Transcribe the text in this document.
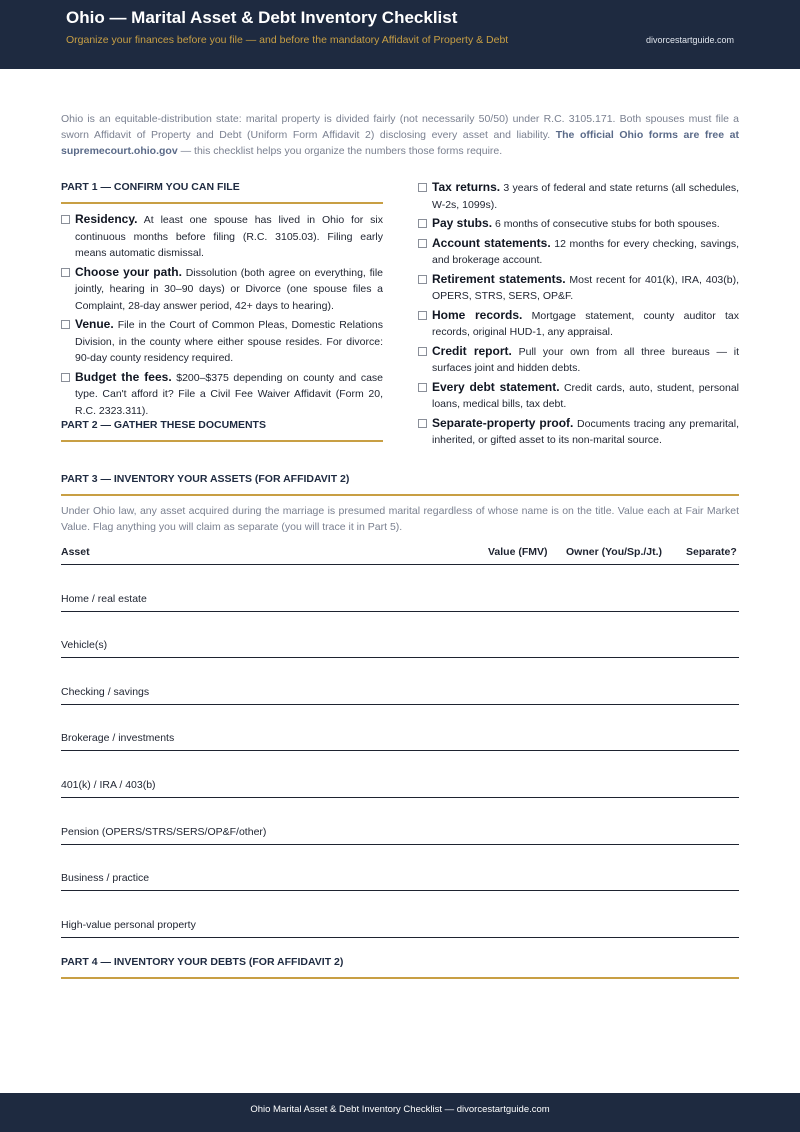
Ohio — Marital Asset & Debt Inventory Checklist
Organize your finances before you file — and before the mandatory Affidavit of Property & Debt	divorcestartguide.com
Ohio is an equitable-distribution state: marital property is divided fairly (not necessarily 50/50) under R.C. 3105.171. Both spouses must file a sworn Affidavit of Property and Debt (Uniform Form Affidavit 2) disclosing every asset and liability. The official Ohio forms are free at supremecourt.ohio.gov — this checklist helps you organize the numbers those forms require.
PART 1 — CONFIRM YOU CAN FILE
Residency. At least one spouse has lived in Ohio for six continuous months before filing (R.C. 3105.03). Filing early means automatic dismissal.
Choose your path. Dissolution (both agree on everything, file jointly, hearing in 30–90 days) or Divorce (one spouse files a Complaint, 28-day answer period, 42+ days to hearing).
Venue. File in the Court of Common Pleas, Domestic Relations Division, in the county where either spouse resides. For divorce: 90-day county residency required.
Budget the fees. $200–$375 depending on county and case type. Can't afford it? File a Civil Fee Waiver Affidavit (Form 20, R.C. 2323.311).
PART 2 — GATHER THESE DOCUMENTS
Tax returns. 3 years of federal and state returns (all schedules, W-2s, 1099s).
Pay stubs. 6 months of consecutive stubs for both spouses.
Account statements. 12 months for every checking, savings, and brokerage account.
Retirement statements. Most recent for 401(k), IRA, 403(b), OPERS, STRS, SERS, OP&F.
Home records. Mortgage statement, county auditor tax records, original HUD-1, any appraisal.
Credit report. Pull your own from all three bureaus — it surfaces joint and hidden debts.
Every debt statement. Credit cards, auto, student, personal loans, medical bills, tax debt.
Separate-property proof. Documents tracing any premarital, inherited, or gifted asset to its non-marital source.
PART 3 — INVENTORY YOUR ASSETS (FOR AFFIDAVIT 2)
Under Ohio law, any asset acquired during the marriage is presumed marital regardless of whose name is on the title. Value each at Fair Market Value. Flag anything you will claim as separate (you will trace it in Part 5).
Asset	Value (FMV) Owner (You/Sp./Jt.) Separate?
Home / real estate
Vehicle(s)
Checking / savings
Brokerage / investments
401(k) / IRA / 403(b)
Pension (OPERS/STRS/SERS/OP&F/other)
Business / practice
High-value personal property
PART 4 — INVENTORY YOUR DEBTS (FOR AFFIDAVIT 2)
Ohio Marital Asset & Debt Inventory Checklist — divorcestartguide.com
